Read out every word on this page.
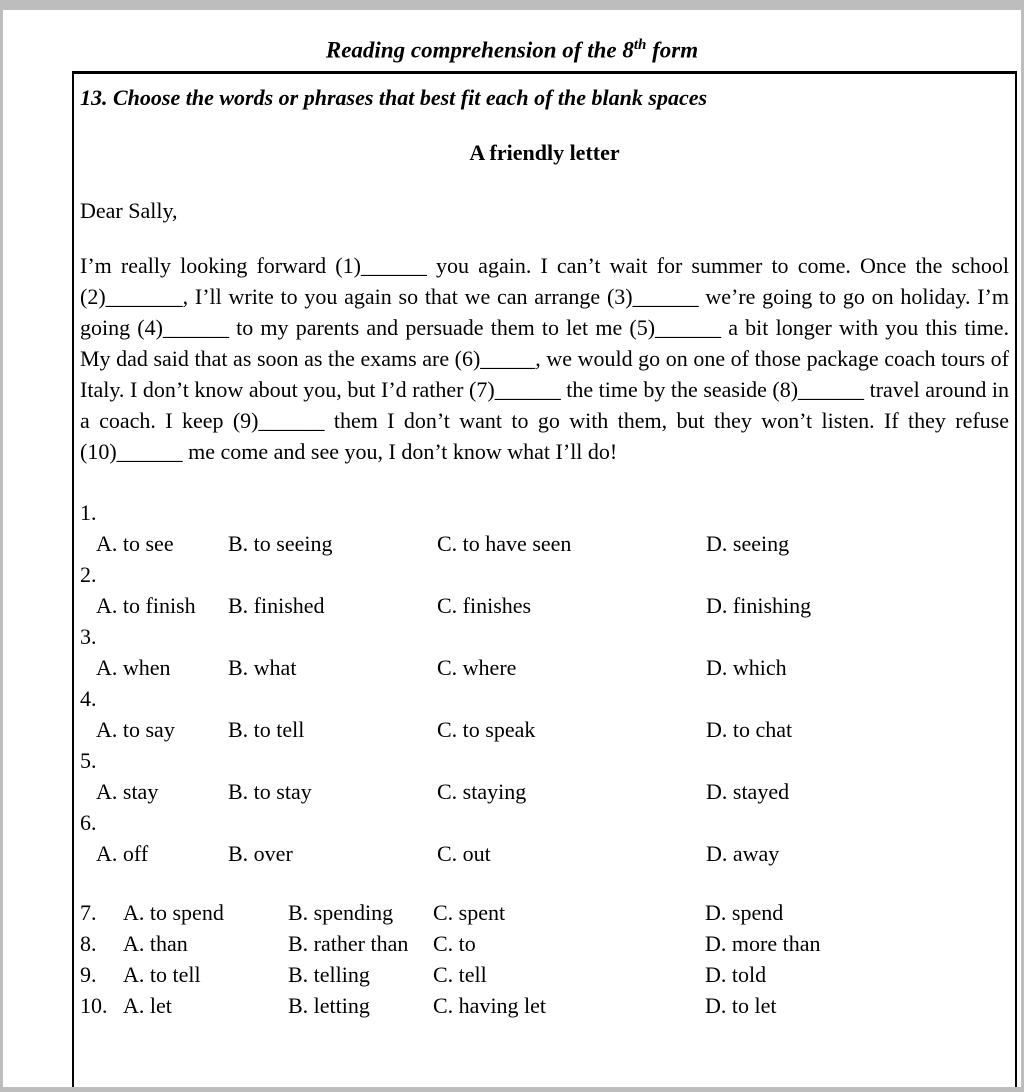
Reading comprehension of the 8th form
13. Choose the words or phrases that best fit each of the blank spaces
A friendly letter

Dear Sally,

I’m really looking forward (1)______ you again. I can’t wait for summer to come. Once the school (2)_______, I’ll write to you again so that we can arrange (3)______ we’re going to go on holiday. I’m going (4)______ to my parents and persuade them to let me (5)______ a bit longer with you this time. My dad said that as soon as the exams are (6)_____, we would go on one of those package coach tours of Italy. I don’t know about you, but I’d rather (7)______ the time by the seaside (8)______ travel around in a coach. I keep (9)______ them I don’t want to go with them, but they won’t listen. If they refuse (10)______ me come and see you, I don’t know what I’ll do!

1.
A. to see B. to seeing	C. to have seen	D. seeing
2.
A. to finish B. finished	C. finishes	D. finishing
3.
A. when	B. what	C. where	D. which
4.
A. to say B. to tell	C. to speak	D. to chat
5.
A. stay	B. to stay	C. staying	D. stayed
6.
A. off	B. over	C. out	D. away
7. A. to spend	B. spending C. spent	D. spend
8. A. than	B. rather than C. to	D. more than
9. A. to tell	B. telling	C. tell	D. told
10. A. let	B. letting	C. having let	D. to let
